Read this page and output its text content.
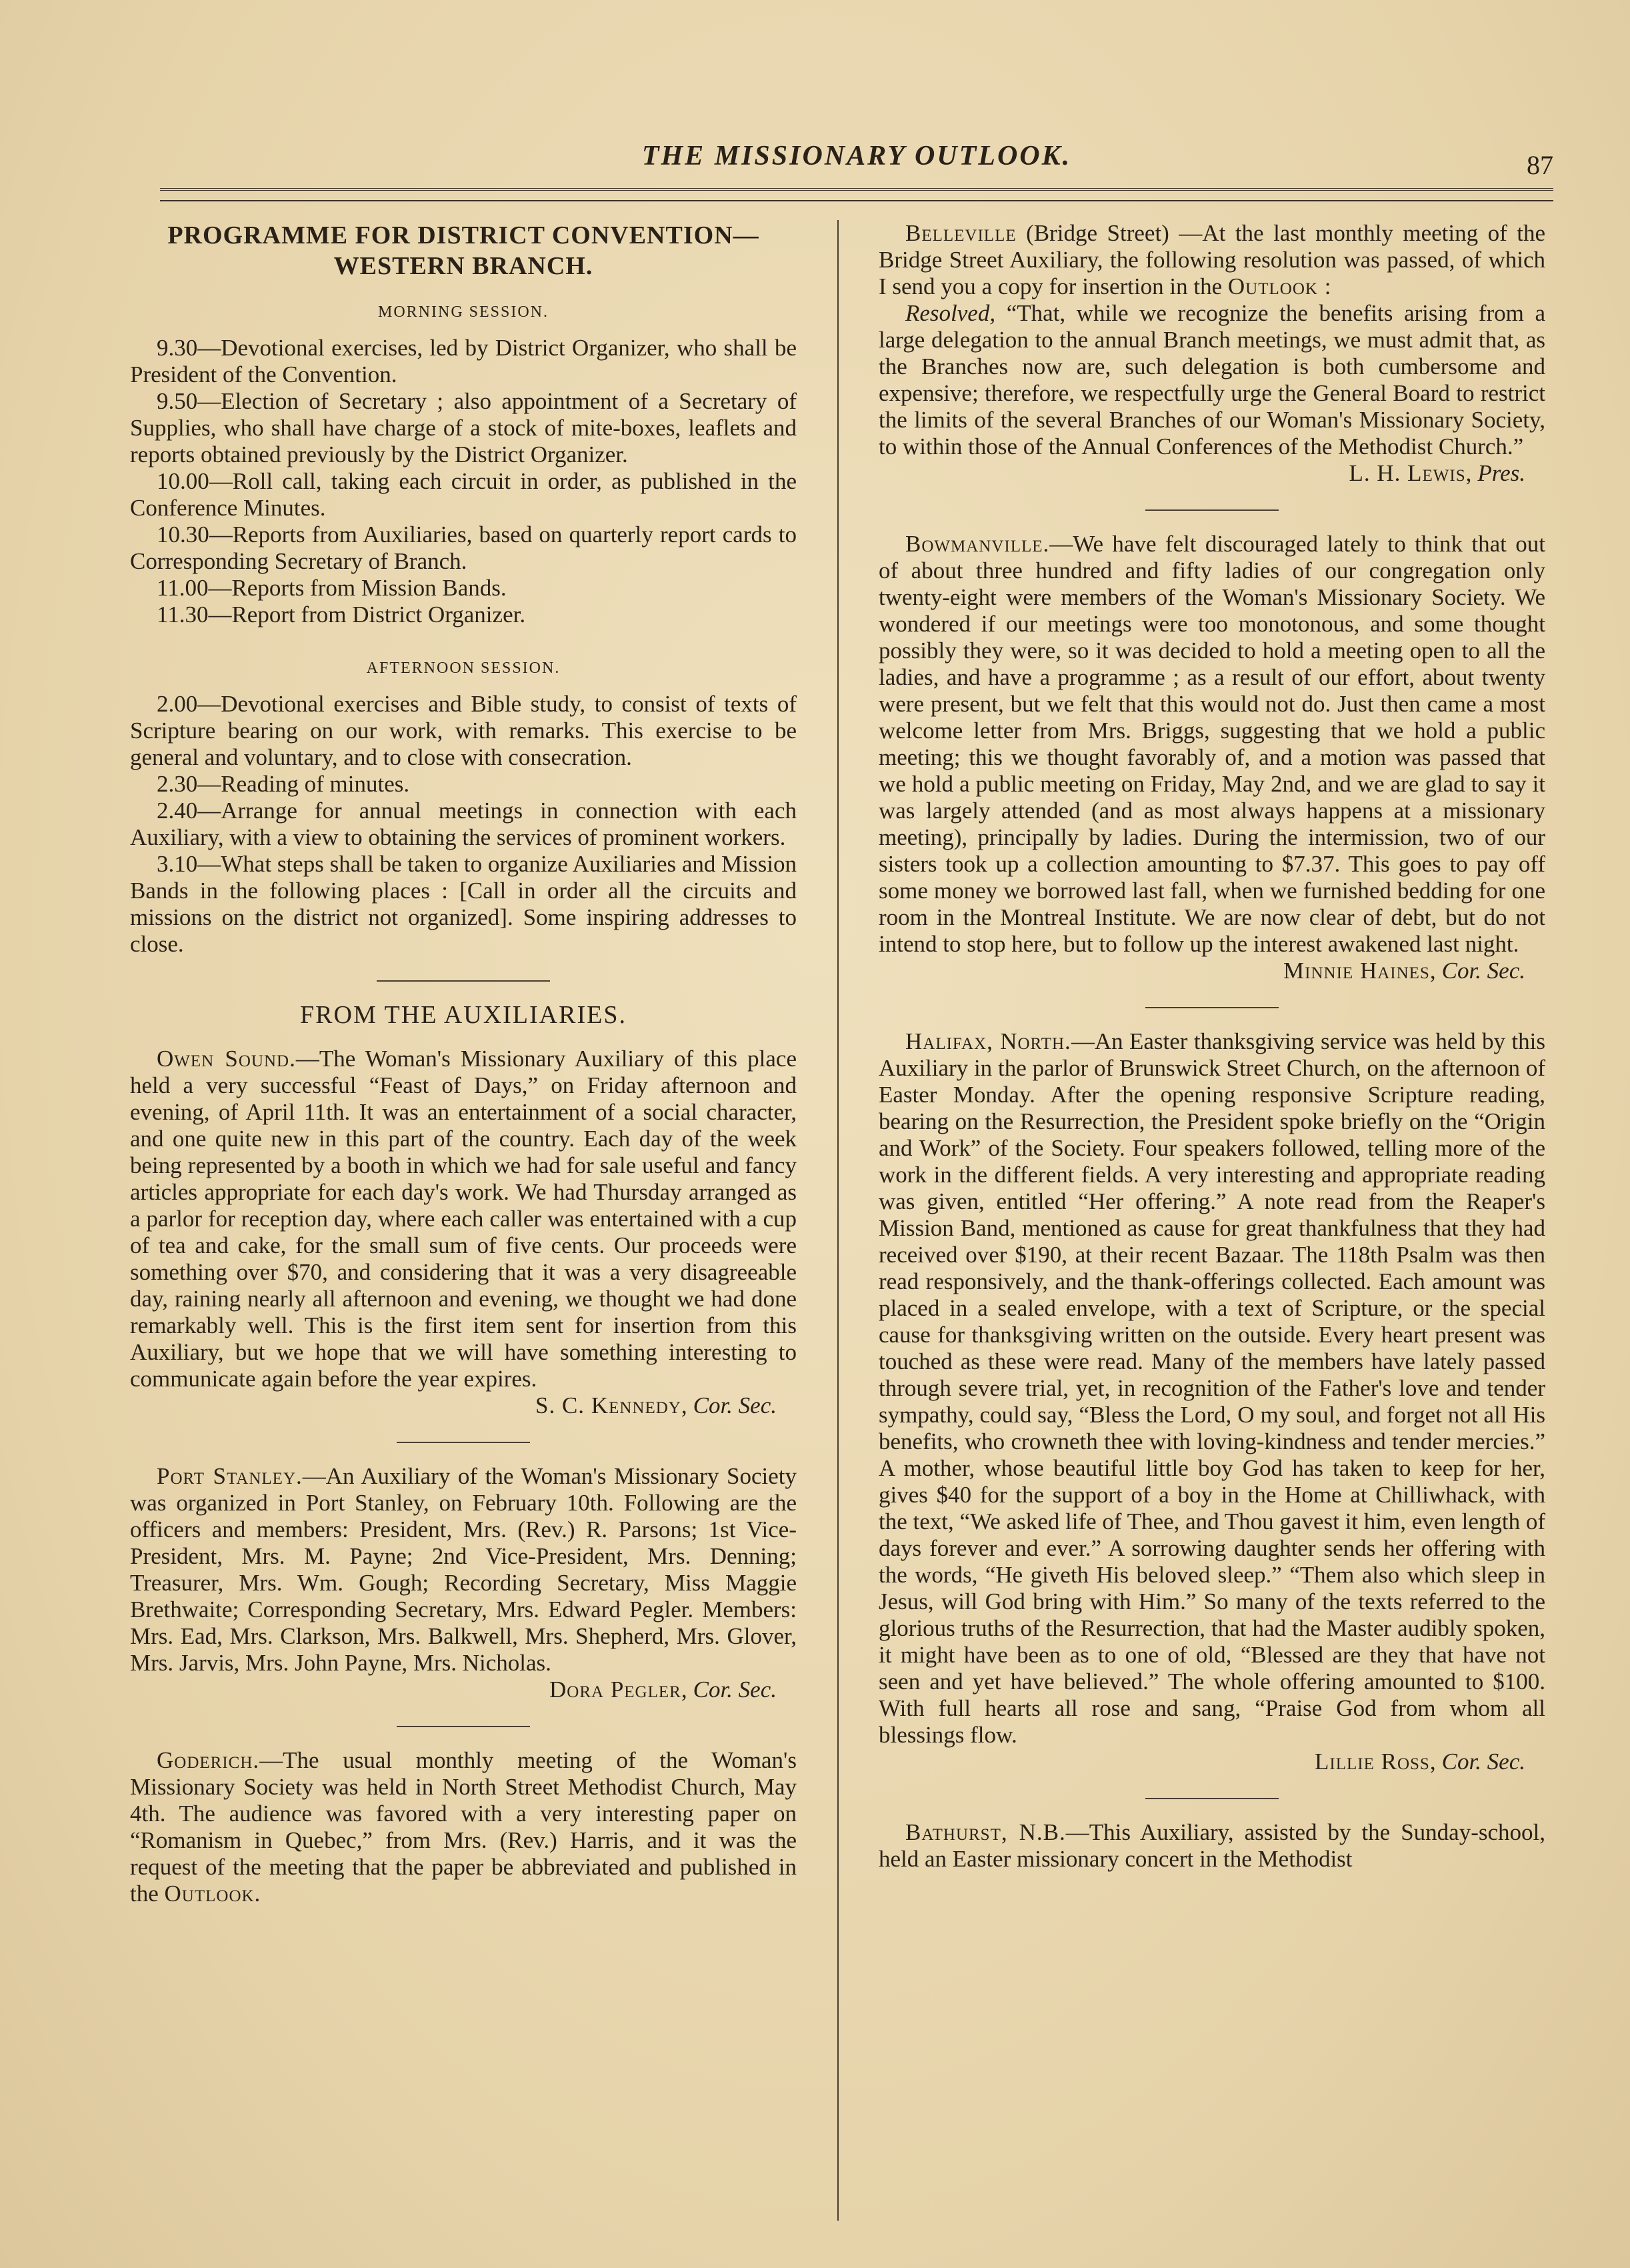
THE MISSIONARY OUTLOOK.	87
PROGRAMME FOR DISTRICT CONVENTION—
WESTERN BRANCH.
MORNING SESSION.

9.30—Devotional exercises, led by District Organizer, who shall be President of the Convention.

9.50—Election of Secretary ; also appointment of a Secretary of Supplies, who shall have charge of a stock of mite-boxes, leaflets and reports obtained previously by the District Organizer.

10.00—Roll call, taking each circuit in order, as published in the Conference Minutes.

10.30—Reports from Auxiliaries, based on quarterly report cards to Corresponding Secretary of Branch.

11.00—Reports from Mission Bands.

11.30—Report from District Organizer.

AFTERNOON SESSION.

2.00—Devotional exercises and Bible study, to consist of texts of Scripture bearing on our work, with remarks. This exercise to be general and voluntary, and to close with consecration.

2.30—Reading of minutes.

2.40—Arrange for annual meetings in connection with each Auxiliary, with a view to obtaining the services of prominent workers.

3.10—What steps shall be taken to organize Auxiliaries and Mission Bands in the following places : [Call in order all the circuits and missions on the district not organized]. Some inspiring addresses to close.

FROM THE AUXILIARIES.

Owen Sound.—The Woman's Missionary Auxiliary of this place held a very successful “Feast of Days,” on Friday afternoon and evening, of April 11th. It was an entertainment of a social character, and one quite new in this part of the country. Each day of the week being represented by a booth in which we had for sale useful and fancy articles appropriate for each day's work. We had Thursday arranged as a parlor for reception day, where each caller was entertained with a cup of tea and cake, for the small sum of five cents. Our proceeds were something over $70, and considering that it was a very disagreeable day, raining nearly all afternoon and evening, we thought we had done remarkably well. This is the first item sent for insertion from this Auxiliary, but we hope that we will have something interesting to communicate again before the year expires.

S. C. Kennedy, Cor. Sec.

Port Stanley.—An Auxiliary of the Woman's Missionary Society was organized in Port Stanley, on February 10th. Following are the officers and members: President, Mrs. (Rev.) R. Parsons; 1st Vice-President, Mrs. M. Payne; 2nd Vice-President, Mrs. Denning; Treasurer, Mrs. Wm. Gough; Recording Secretary, Miss Maggie Brethwaite; Corresponding Secretary, Mrs. Edward Pegler. Members: Mrs. Ead, Mrs. Clarkson, Mrs. Balkwell, Mrs. Shepherd, Mrs. Glover, Mrs. Jarvis, Mrs. John Payne, Mrs. Nicholas.

Dora Pegler, Cor. Sec.

Goderich.—The usual monthly meeting of the Woman's Missionary Society was held in North Street Methodist Church, May 4th. The audience was favored with a very interesting paper on “Romanism in Quebec,” from Mrs. (Rev.) Harris, and it was the request of the meeting that the paper be abbreviated and published in the Outlook.

Belleville (Bridge Street) —At the last monthly meeting of the Bridge Street Auxiliary, the following resolution was passed, of which I send you a copy for insertion in the Outlook :

Resolved, “That, while we recognize the benefits arising from a large delegation to the annual Branch meetings, we must admit that, as the Branches now are, such delegation is both cumbersome and expensive; therefore, we respectfully urge the General Board to restrict the limits of the several Branches of our Woman's Missionary Society, to within those of the Annual Conferences of the Methodist Church.”

L. H. Lewis, Pres.

Bowmanville.—We have felt discouraged lately to think that out of about three hundred and fifty ladies of our congregation only twenty-eight were members of the Woman's Missionary Society. We wondered if our meetings were too monotonous, and some thought possibly they were, so it was decided to hold a meeting open to all the ladies, and have a programme ; as a result of our effort, about twenty were present, but we felt that this would not do. Just then came a most welcome letter from Mrs. Briggs, suggesting that we hold a public meeting; this we thought favorably of, and a motion was passed that we hold a public meeting on Friday, May 2nd, and we are glad to say it was largely attended (and as most always happens at a missionary meeting), principally by ladies. During the intermission, two of our sisters took up a collection amounting to $7.37. This goes to pay off some money we borrowed last fall, when we furnished bedding for one room in the Montreal Institute. We are now clear of debt, but do not intend to stop here, but to follow up the interest awakened last night.

Minnie Haines, Cor. Sec.

Halifax, North.—An Easter thanksgiving service was held by this Auxiliary in the parlor of Brunswick Street Church, on the afternoon of Easter Monday. After the opening responsive Scripture reading, bearing on the Resurrection, the President spoke briefly on the “Origin and Work” of the Society. Four speakers followed, telling more of the work in the different fields. A very interesting and appropriate reading was given, entitled “Her offering.” A note read from the Reaper's Mission Band, mentioned as cause for great thankfulness that they had received over $190, at their recent Bazaar. The 118th Psalm was then read responsively, and the thank-offerings collected. Each amount was placed in a sealed envelope, with a text of Scripture, or the special cause for thanksgiving written on the outside. Every heart present was touched as these were read. Many of the members have lately passed through severe trial, yet, in recognition of the Father's love and tender sympathy, could say, “Bless the Lord, O my soul, and forget not all His benefits, who crowneth thee with loving-kindness and tender mercies.” A mother, whose beautiful little boy God has taken to keep for her, gives $40 for the support of a boy in the Home at Chilliwhack, with the text, “We asked life of Thee, and Thou gavest it him, even length of days forever and ever.” A sorrowing daughter sends her offering with the words, “He giveth His beloved sleep.” “Them also which sleep in Jesus, will God bring with Him.” So many of the texts referred to the glorious truths of the Resurrection, that had the Master audibly spoken, it might have been as to one of old, “Blessed are they that have not seen and yet have believed.” The whole offering amounted to $100. With full hearts all rose and sang, “Praise God from whom all blessings flow.

Lillie Ross, Cor. Sec.

Bathurst, N.B.—This Auxiliary, assisted by the Sunday-school, held an Easter missionary concert in the Methodist
